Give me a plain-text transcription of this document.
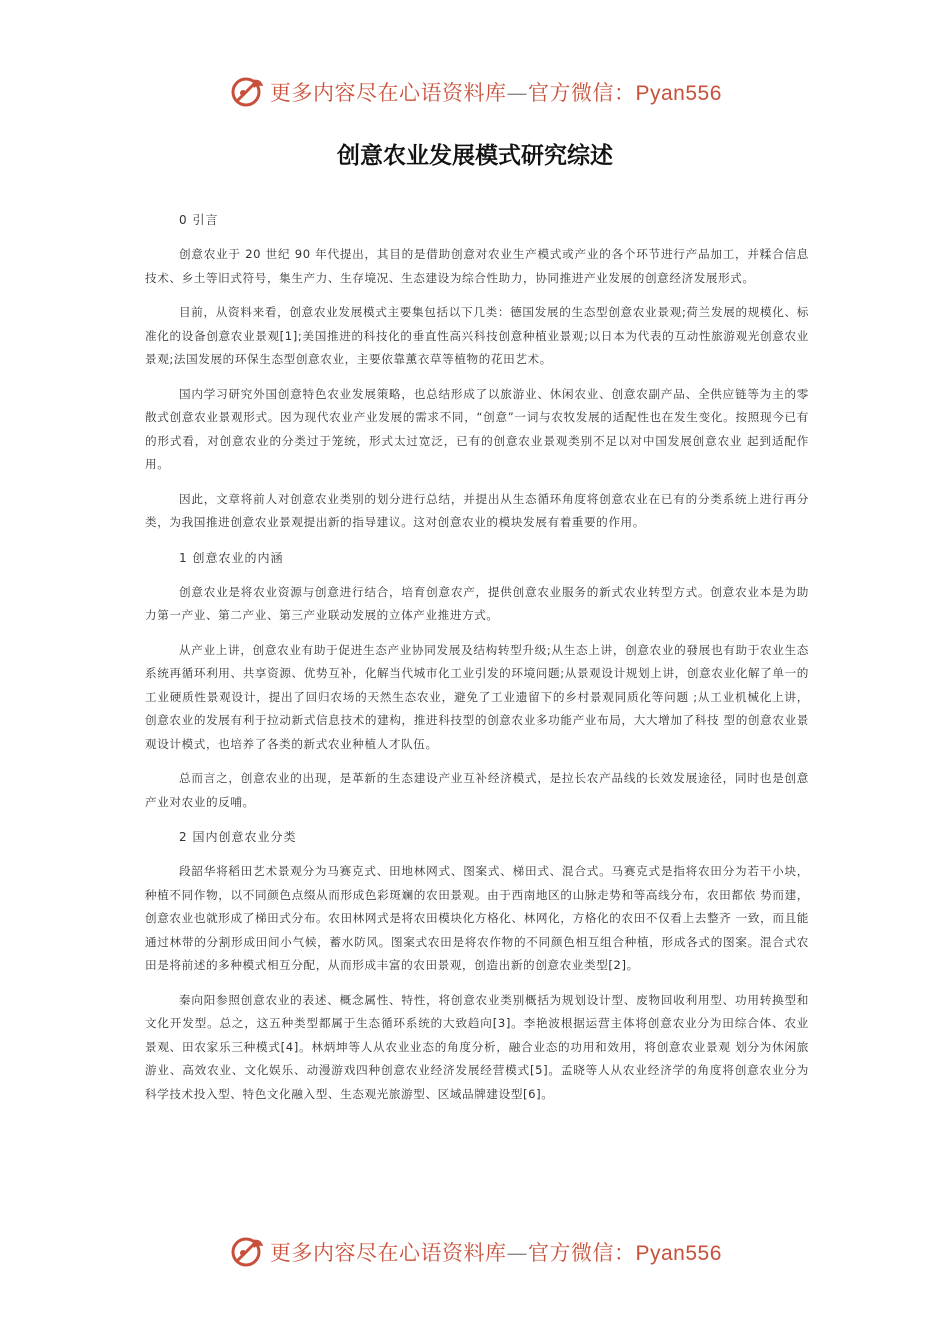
更多内容尽在心语资料库—官方微信：Pyan556
创意农业发展模式研究综述
0 引言

创意农业于 20 世纪 90 年代提出，其目的是借助创意对农业生产模式或产业的各个环节进行产品加工，并糅合信息技术、乡土等旧式符号，集生产力、生存境况、生态建设为综合性助力，协同推进产业发展的创意经济发展形式。

目前，从资料来看，创意农业发展模式主要集包括以下几类：德国发展的生态型创意农业景观;荷兰发展的规模化、标准化的设备创意农业景观[1];美国推进的科技化的垂直性高兴科技创意种植业景观;以日本为代表的互动性旅游观光创意农业景观;法国发展的环保生态型创意农业，主要依靠薰衣草等植物的花田艺术。

国内学习研究外国创意特色农业发展策略，也总结形成了以旅游业、休闲农业、创意农副产品、全供应链等为主的零散式创意农业景观形式。因为现代农业产业发展的需求不同，“创意”一词与农牧发展的适配性也在发生变化。按照现今已有的形式看，对创意农业的分类过于笼统，形式太过宽泛，已有的创意农业景观类别不足以对中国发展创意农业 起到适配作用。

因此，文章将前人对创意农业类别的划分进行总结，并提出从生态循环角度将创意农业在已有的分类系统上进行再分类，为我国推进创意农业景观提出新的指导建议。这对创意农业的模块发展有着重要的作用。

1 创意农业的内涵

创意农业是将农业资源与创意进行结合，培育创意农产，提供创意农业服务的新式农业转型方式。创意农业本是为助力第一产业、第二产业、第三产业联动发展的立体产业推进方式。

从产业上讲，创意农业有助于促进生态产业协同发展及结构转型升级;从生态上讲，创意农业的發展也有助于农业生态系统再循环利用、共享资源、优势互补，化解当代城市化工业引发的环境问题;从景观设计规划上讲，创意农业化解了单一的工业硬质性景观设计，提出了回归农场的天然生态农业，避免了工业遗留下的乡村景观同质化等问题 ;从工业机械化上讲，创意农业的发展有利于拉动新式信息技术的建构，推进科技型的创意农业多功能产业布局，大大增加了科技 型的创意农业景观设计模式，也培养了各类的新式农业种植人才队伍。

总而言之，创意农业的出现，是革新的生态建设产业互补经济模式，是拉长农产品线的长效发展途径，同时也是创意产业对农业的反哺。

2 国内创意农业分类

段韶华将稻田艺术景观分为马赛克式、田地林网式、图案式、梯田式、混合式。马赛克式是指将农田分为若干小块，种植不同作物，以不同颜色点缀从而形成色彩斑斓的农田景观。由于西南地区的山脉走势和等高线分布，农田都依 势而建，创意农业也就形成了梯田式分布。农田林网式是将农田模块化方格化、林网化，方格化的农田不仅看上去整齐 一致，而且能通过林带的分割形成田间小气候，蓄水防风。图案式农田是将农作物的不同颜色相互组合种植，形成各式的图案。混合式农田是将前述的多种模式相互分配，从而形成丰富的农田景观，创造出新的创意农业类型[2]。

秦向阳参照创意农业的表述、概念属性、特性，将创意农业类别概括为规划设计型、废物回收利用型、功用转换型和文化开发型。总之，这五种类型都属于生态循环系统的大致趋向[3]。李艳波根据运营主体将创意农业分为田综合体、农业景观、田农家乐三种模式[4]。林炳坤等人从农业业态的角度分析，融合业态的功用和效用，将创意农业景观 划分为休闲旅游业、高效农业、文化娱乐、动漫游戏四种创意农业经济发展经营模式[5]。孟晓等人从农业经济学的角度将创意农业分为科学技术投入型、特色文化融入型、生态观光旅游型、区域品牌建设型[6]。

更多内容尽在心语资料库—官方微信：Pyan556
